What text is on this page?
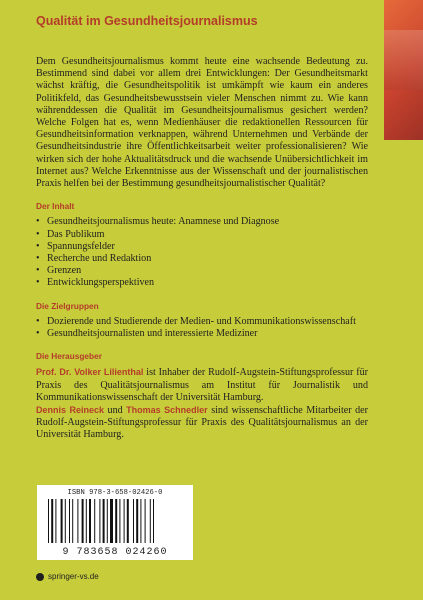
Qualität im Gesundheitsjournalismus

Dem Gesundheitsjournalismus kommt heute eine wachsende Bedeutung zu. Bestimmend sind dabei vor allem drei Entwicklungen: Der Gesundheitsmarkt wächst kräftig, die Gesundheitspolitik ist umkämpft wie kaum ein anderes Politikfeld, das Gesundheitsbewusstsein vieler Menschen nimmt zu. Wie kann währenddessen die Qualität im Gesundheitsjournalismus gesichert werden? Welche Folgen hat es, wenn Medienhäuser die redaktionellen Ressourcen für Gesundheitsinformation verknappen, während Unternehmen und Verbände der Gesundheitsindustrie ihre Öffentlichkeitsarbeit weiter professionalisieren? Wie wirken sich der hohe Aktualitätsdruck und die wachsende Unübersichtlichkeit im Internet aus? Welche Erkenntnisse aus der Wissenschaft und der journalistischen Praxis helfen bei der Bestimmung gesundheitsjournalistischer Qualität?

Der Inhalt
• Gesundheitsjournalismus heute: Anamnese und Diagnose
• Das Publikum
• Spannungsfelder
• Recherche und Redaktion
• Grenzen
• Entwicklungsperspektiven
Die Zielgruppen
• Dozierende und Studierende der Medien- und Kommunikationswissenschaft
• Gesundheitsjournalisten und interessierte Mediziner
Die Herausgeber

Prof. Dr. Volker Lilienthal ist Inhaber der Rudolf-Augstein-Stiftungsprofessur für Praxis des Qualitätsjournalismus am Institut für Journalistik und Kommunikationswissenschaft der Universität Hamburg.

Dennis Reineck und Thomas Schnedler sind wissenschaftliche Mitarbeiter der Rudolf-Augstein-Stiftungsprofessur für Praxis des Qualitätsjournalismus an der Universität Hamburg.

ISBN 978-3-658-02426-0
9 783658 024260
springer-vs.de
